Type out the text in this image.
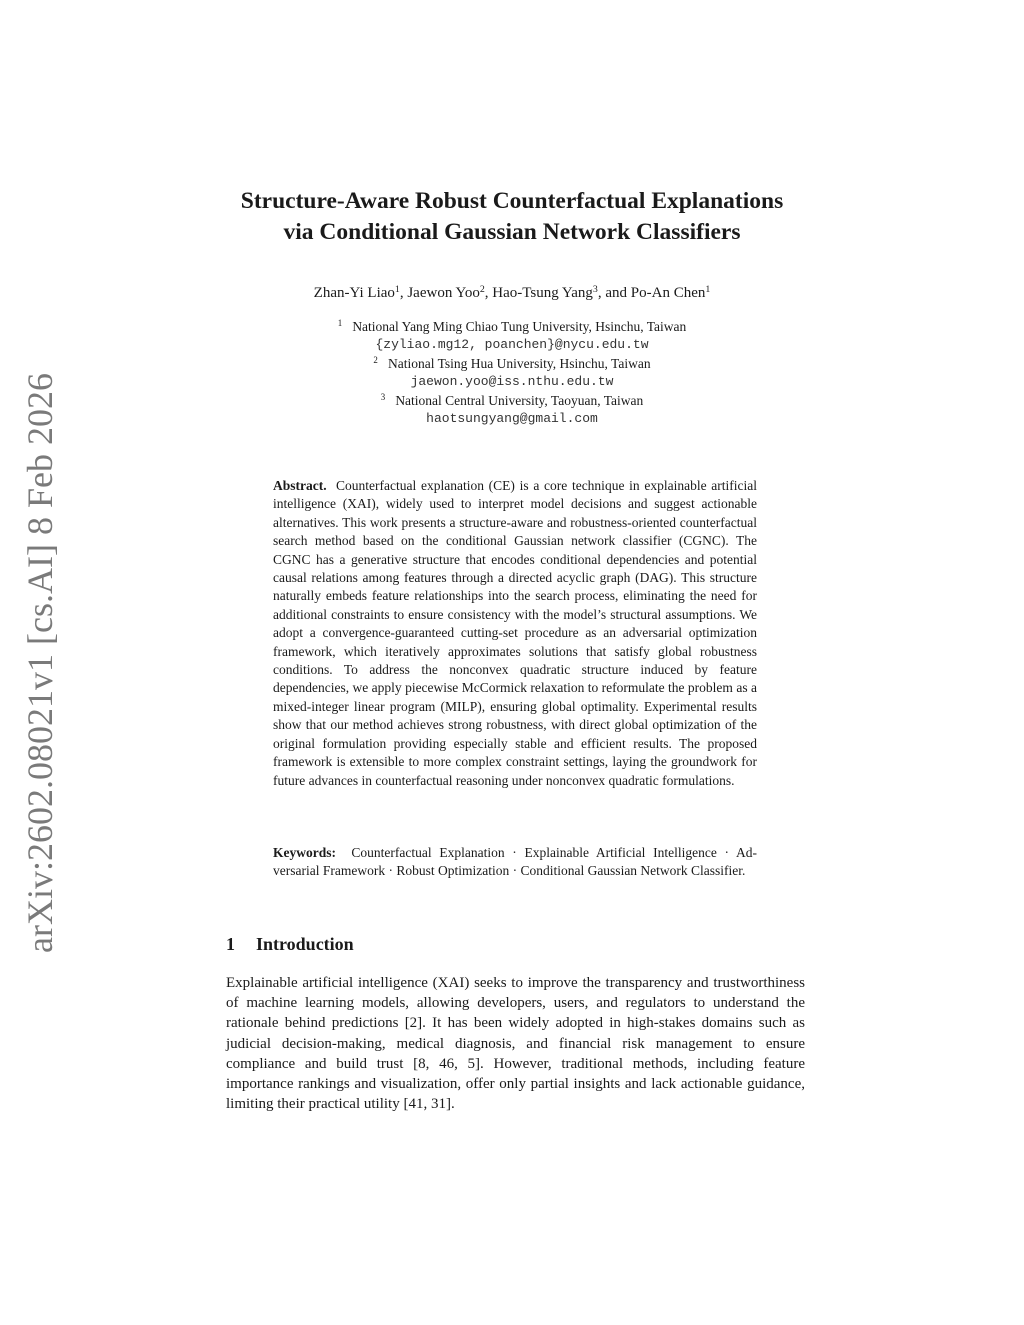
arXiv:2602.08021v1 [cs.AI] 8 Feb 2026
Structure-Aware Robust Counterfactual Explanations
via Conditional Gaussian Network Classifiers
Zhan-Yi Liao$^1$, Jaewon Yoo$^2$, Hao-Tsung Yang$^3$, and Po-An Chen$^1$
$^1$ National Yang Ming Chiao Tung University, Hsinchu, Taiwan
{zyliao.mg12, poanchen}@nycu.edu.tw
$^2$ National Tsing Hua University, Hsinchu, Taiwan
jaewon.yoo@iss.nthu.edu.tw
$^3$ National Central University, Taoyuan, Taiwan
haotsungyang@gmail.com

Abstract. Counterfactual explanation (CE) is a core technique in explainable artificial intelligence (XAI), widely used to interpret model decisions and suggest actionable alternatives. This work presents a structure-aware and robustness-oriented counterfactual search method based on the conditional Gaussian network classifier (CGNC). The CGNC has a generative structure that encodes conditional dependencies and potential causal relations among features through a directed acyclic graph (DAG). This structure naturally embeds feature relationships into the search process, eliminating the need for additional constraints to ensure consistency with the model’s structural assumptions. We adopt a convergence-guaranteed cutting-set procedure as an adversarial optimization framework, which iteratively approximates solutions that satisfy global robustness conditions. To address the nonconvex quadratic structure induced by feature dependencies, we apply piecewise McCormick relaxation to reformulate the problem as a mixed-integer linear program (MILP), ensuring global optimality. Experimental results show that our method achieves strong robustness, with direct global optimization of the original formulation providing especially stable and efficient results. The proposed framework is extensible to more complex constraint settings, laying the groundwork for future advances in counterfactual reasoning under nonconvex quadratic formulations.

Keywords: Counterfactual Explanation · Explainable Artificial Intelligence · Adversarial Framework · Robust Optimization · Conditional Gaussian Network Classifier.

1 Introduction

Explainable artificial intelligence (XAI) seeks to improve the transparency and trustworthiness of machine learning models, allowing developers, users, and regulators to understand the rationale behind predictions [2]. It has been widely adopted in high-stakes domains such as judicial decision-making, medical diagnosis, and financial risk management to ensure compliance and build trust [8, 46, 5]. However, traditional methods, including feature importance rankings and visualization, offer only partial insights and lack actionable guidance, limiting their practical utility [41, 31].
